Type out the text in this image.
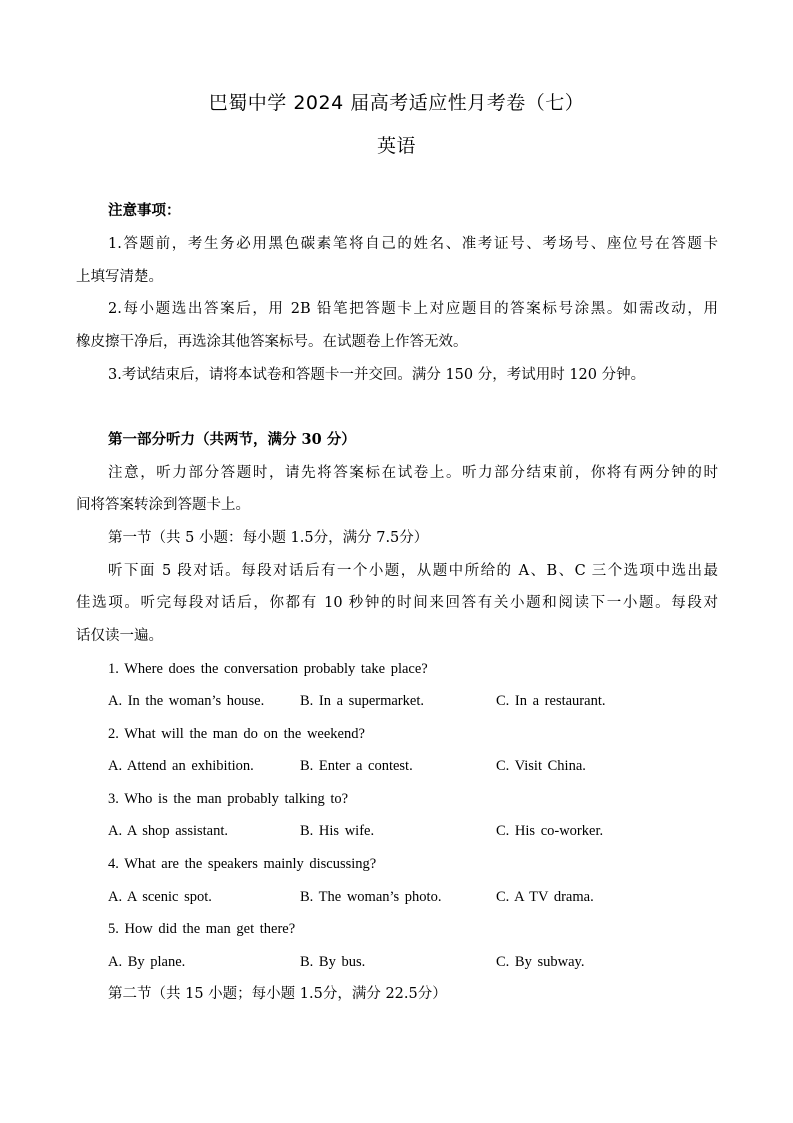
巴蜀中学 2024 届高考适应性月考卷（七）
英语
注意事项：
1.答题前，考生务必用黑色碳素笔将自己的姓名、准考证号、考场号、座位号在答题卡
上填写清楚。
2.每小题选出答案后，用 2B 铅笔把答题卡上对应题目的答案标号涂黑。如需改动，用
橡皮擦干净后，再选涂其他答案标号。在试题卷上作答无效。
3.考试结束后，请将本试卷和答题卡一并交回。满分 150 分，考试用时 120 分钟。
第一部分听力（共两节，满分 30 分）
注意，听力部分答题时，请先将答案标在试卷上。听力部分结束前，你将有两分钟的时
间将答案转涂到答题卡上。
第一节（共 5 小题：每小题 1.5分，满分 7.5分）
听下面 5 段对话。每段对话后有一个小题，从题中所给的 A、B、C 三个选项中选出最
佳选项。听完每段对话后，你都有 10 秒钟的时间来回答有关小题和阅读下一小题。每段对
话仅读一遍。
1. Where does the conversation probably take place?
A. In the woman’s house. B. In a supermarket.	C. In a restaurant.
2. What will the man do on the weekend?
A. Attend an exhibition.	B. Enter a contest.	C. Visit China.
3. Who is the man probably talking to?
A. A shop assistant.	B. His wife.	C. His co-worker.
4. What are the speakers mainly discussing?
A. A scenic spot.	B. The woman’s photo.	C. A TV drama.
5. How did the man get there?
A. By plane.	B. By bus.	C. By subway.
第二节（共 15 小题；每小题 1.5分，满分 22.5分）
